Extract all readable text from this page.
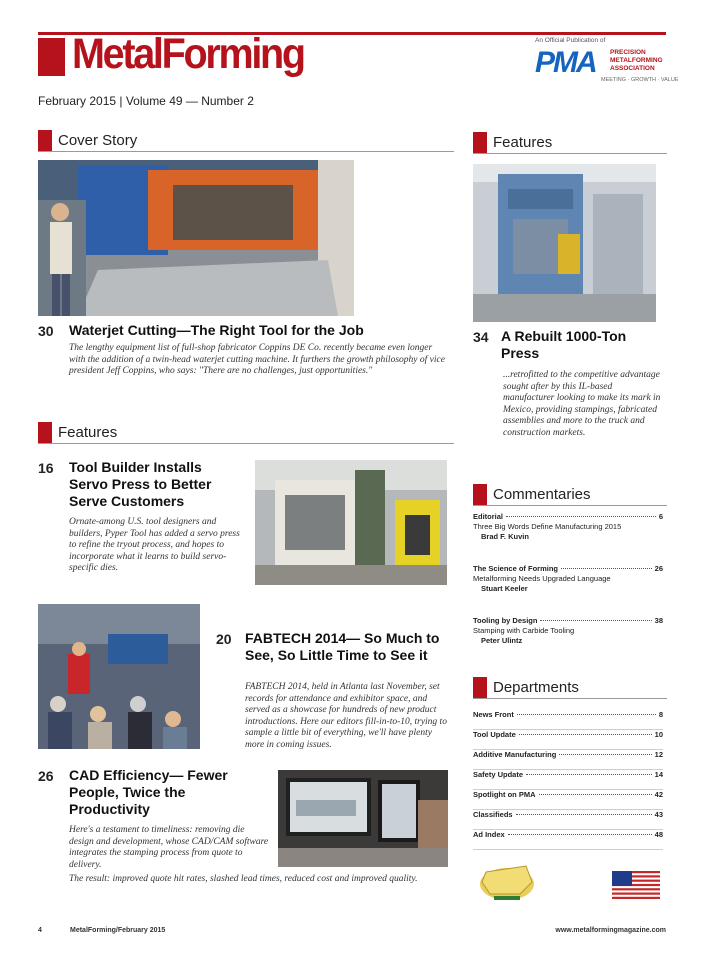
MetalForming
February 2015 | Volume 49 — Number 2
An Official Publication of
PMA PRECISION
METALFORMING
ASSOCIATION
MEETING · GROWTH · VALUE
Cover Story
30 Waterjet Cutting—The Right Tool for the Job
The lengthy equipment list of full-shop fabricator Coppins DE Co. recently became even longer with the addition of a twin-head waterjet cutting machine. It furthers the growth philosophy of vice president Jeff Coppins, who says: "There are no challenges, just opportunities."
Features
16 Tool Builder Installs Servo Press to Better Serve Customers
Ornate-among U.S. tool designers and builders, Pyper Tool has added a servo press to refine the tryout process, and hopes to incorporate what it learns to build servo-specific dies.
20 FABTECH 2014— So Much to See, So Little Time to See it
FABTECH 2014, held in Atlanta last November, set records for attendance and exhibitor space, and served as a showcase for hundreds of new product introductions. Here our editors fill-in-to-10, trying to sample a little bit of everything, we'll have plenty more in coming issues.
26 CAD Efficiency— Fewer People, Twice the Productivity
Here's a testament to timeliness: removing die design and development, whose CAD/CAM software integrates the stamping process from quote to delivery.
The result: improved quote hit rates, slashed lead times, reduced cost and improved quality.
Features
34 A Rebuilt 1000-Ton Press
...retrofitted to the competitive advantage sought after by this IL-based manufacturer looking to make its mark in Mexico, providing stampings, fabricated assemblies and more to the truck and construction markets.
Commentaries
Editorial	6
Three Big Words Define Manufacturing 2015
Brad F. Kuvin
The Science of Forming	26
Metalforming Needs Upgraded Language
Stuart Keeler
Tooling by Design	38
Stamping with Carbide Tooling
Peter Ulintz
Departments
News Front	8
Tool Update	10
Additive Manufacturing	12
Safety Update	14
Spotlight on PMA	42
Classifieds	43
Ad Index	48
4	MetalForming/February 2015	www.metalformingmagazine.com
